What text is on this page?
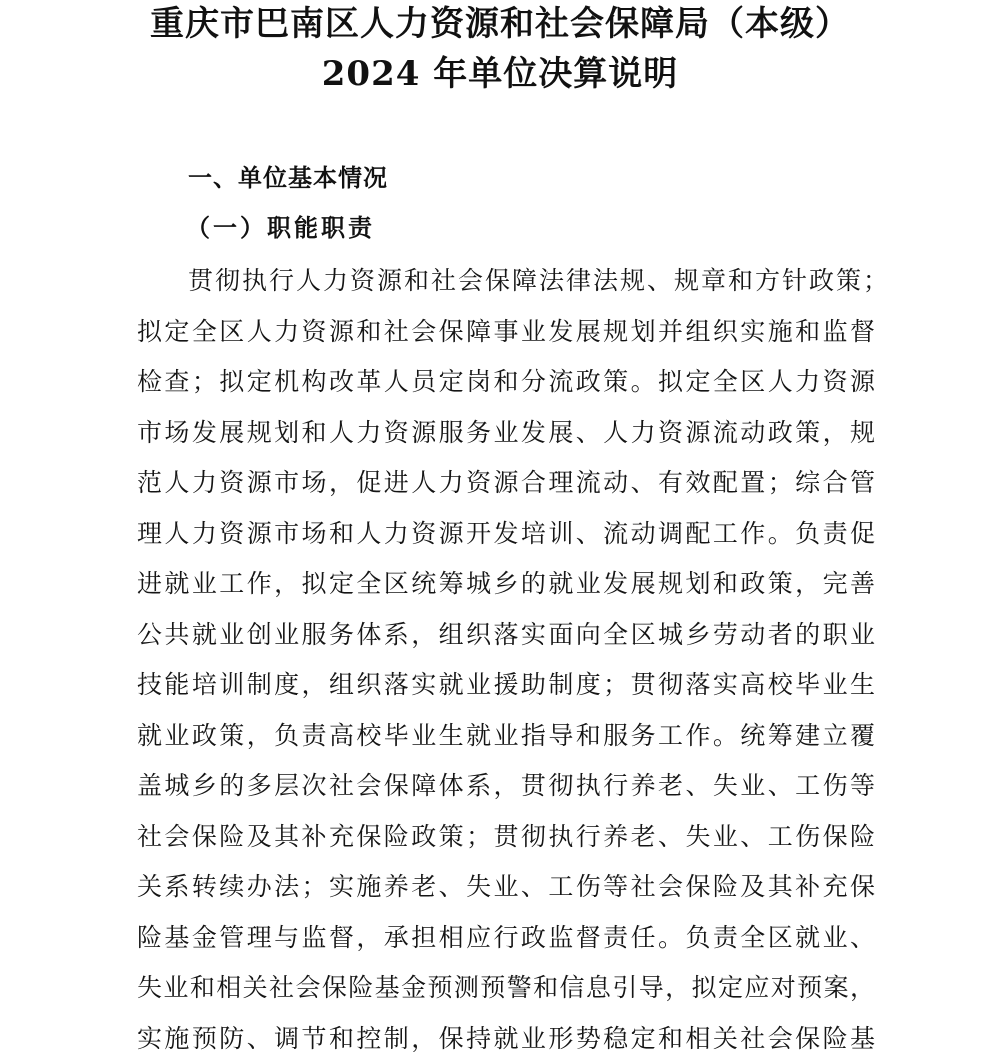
重庆市巴南区人力资源和社会保障局（本级）
2024 年单位决算说明
一、单位基本情况
（一）职能职责
贯彻执行人力资源和社会保障法律法规、规章和方针政策；
拟定全区人力资源和社会保障事业发展规划并组织实施和监督
检查；拟定机构改革人员定岗和分流政策。拟定全区人力资源
市场发展规划和人力资源服务业发展、人力资源流动政策，规
范人力资源市场，促进人力资源合理流动、有效配置；综合管
理人力资源市场和人力资源开发培训、流动调配工作。负责促
进就业工作，拟定全区统筹城乡的就业发展规划和政策，完善
公共就业创业服务体系，组织落实面向全区城乡劳动者的职业
技能培训制度，组织落实就业援助制度；贯彻落实高校毕业生
就业政策，负责高校毕业生就业指导和服务工作。统筹建立覆
盖城乡的多层次社会保障体系，贯彻执行养老、失业、工伤等
社会保险及其补充保险政策；贯彻执行养老、失业、工伤保险
关系转续办法；实施养老、失业、工伤等社会保险及其补充保
险基金管理与监督，承担相应行政监督责任。负责全区就业、
失业和相关社会保险基金预测预警和信息引导，拟定应对预案，
实施预防、调节和控制，保持就业形势稳定和相关社会保险基
